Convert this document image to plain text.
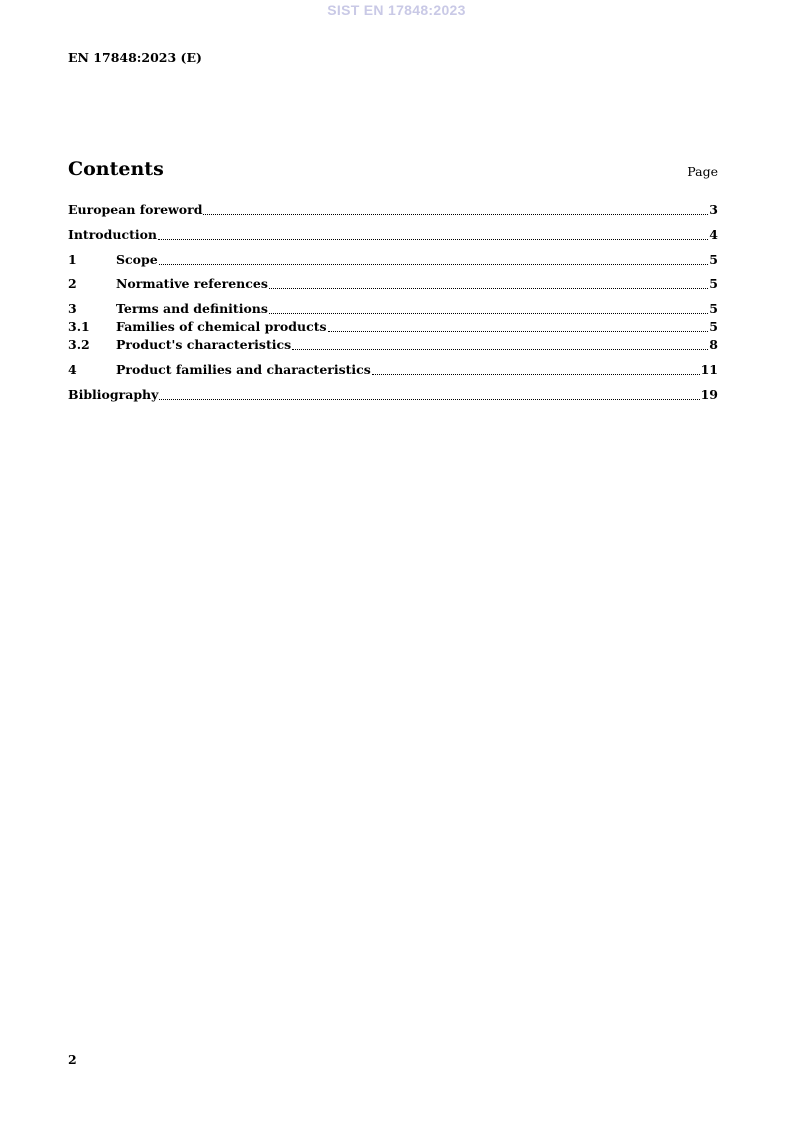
SIST EN 17848:2023
EN 17848:2023 (E)
Contents	Page
European foreword	3
Introduction	4
1	Scope	5
2	Normative references	5
3	Terms and definitions	5
3.1	Families of chemical products	5
3.2	Product's characteristics	8
4	Product families and characteristics	11
Bibliography	19
2
